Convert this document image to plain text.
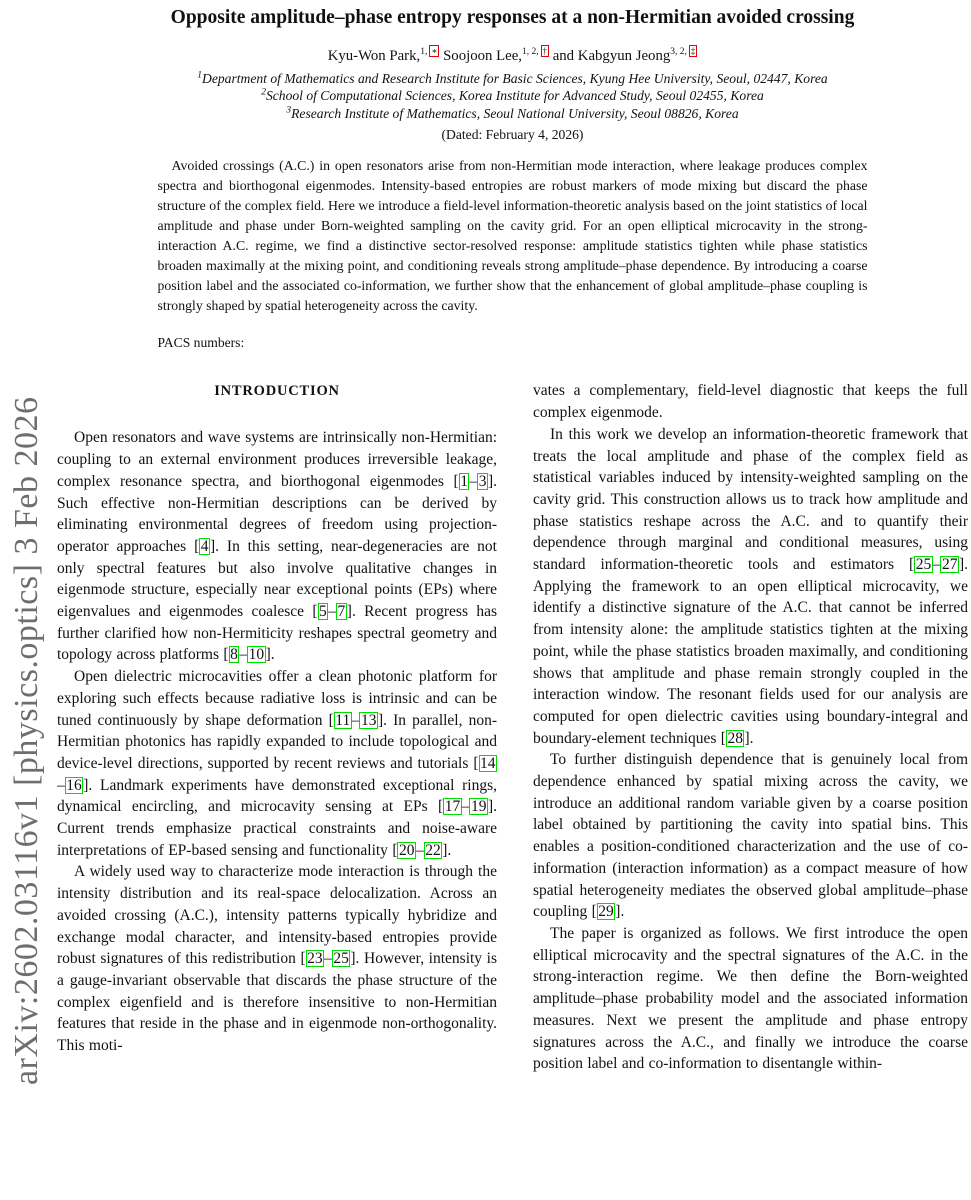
arXiv:2602.03116v1 [physics.optics] 3 Feb 2026
Opposite amplitude–phase entropy responses at a non-Hermitian avoided crossing
Kyu-Won Park,$^{1, ∗}$ Soojoon Lee,$^{1, 2, \dagger}$ and Kabgyun Jeong$^{3, 2, \ddagger}$
$^1$Department of Mathematics and Research Institute for Basic Sciences, Kyung Hee University, Seoul, 02447, Korea
$^2$School of Computational Sciences, Korea Institute for Advanced Study, Seoul 02455, Korea
$^3$Research Institute of Mathematics, Seoul National University, Seoul 08826, Korea
(Dated: February 4, 2026)
Avoided crossings (A.C.) in open resonators arise from non-Hermitian mode interaction, where leakage produces complex spectra and biorthogonal eigenmodes. Intensity-based entropies are robust markers of mode mixing but discard the phase structure of the complex field. Here we introduce a field-level information-theoretic analysis based on the joint statistics of local amplitude and phase under Born-weighted sampling on the cavity grid. For an open elliptical microcavity in the strong-interaction A.C. regime, we find a distinctive sector-resolved response: amplitude statistics tighten while phase statistics broaden maximally at the mixing point, and conditioning reveals strong amplitude–phase dependence. By introducing a coarse position label and the associated co-information, we further show that the enhancement of global amplitude–phase coupling is strongly shaped by spatial heterogeneity across the cavity.
PACS numbers:
INTRODUCTION

Open resonators and wave systems are intrinsically non-Hermitian: coupling to an external environment produces irreversible leakage, complex resonance spectra, and biorthogonal eigenmodes [1–3]. Such effective non-Hermitian descriptions can be derived by eliminating environmental degrees of freedom using projection-operator approaches [4]. In this setting, near-degeneracies are not only spectral features but also involve qualitative changes in eigenmode structure, especially near exceptional points (EPs) where eigenvalues and eigenmodes coalesce [5–7]. Recent progress has further clarified how non-Hermiticity reshapes spectral geometry and topology across platforms [8–10].

Open dielectric microcavities offer a clean photonic platform for exploring such effects because radiative loss is intrinsic and can be tuned continuously by shape deformation [11–13]. In parallel, non-Hermitian photonics has rapidly expanded to include topological and device-level directions, supported by recent reviews and tutorials [14–16]. Landmark experiments have demonstrated exceptional rings, dynamical encircling, and microcavity sensing at EPs [17–19]. Current trends emphasize practical constraints and noise-aware interpretations of EP-based sensing and functionality [20–22].

A widely used way to characterize mode interaction is through the intensity distribution and its real-space delocalization. Across an avoided crossing (A.C.), intensity patterns typically hybridize and exchange modal character, and intensity-based entropies provide robust signatures of this redistribution [23–25]. However, intensity is a gauge-invariant observable that discards the phase structure of the complex eigenfield and is therefore insensitive to non-Hermitian features that reside in the phase and in eigenmode non-orthogonality. This moti-

vates a complementary, field-level diagnostic that keeps the full complex eigenmode.

In this work we develop an information-theoretic framework that treats the local amplitude and phase of the complex field as statistical variables induced by intensity-weighted sampling on the cavity grid. This construction allows us to track how amplitude and phase statistics reshape across the A.C. and to quantify their dependence through marginal and conditional measures, using standard information-theoretic tools and estimators [25–27]. Applying the framework to an open elliptical microcavity, we identify a distinctive signature of the A.C. that cannot be inferred from intensity alone: the amplitude statistics tighten at the mixing point, while the phase statistics broaden maximally, and conditioning shows that amplitude and phase remain strongly coupled in the interaction window. The resonant fields used for our analysis are computed for open dielectric cavities using boundary-integral and boundary-element techniques [28].

To further distinguish dependence that is genuinely local from dependence enhanced by spatial mixing across the cavity, we introduce an additional random variable given by a coarse position label obtained by partitioning the cavity into spatial bins. This enables a position-conditioned characterization and the use of co-information (interaction information) as a compact measure of how spatial heterogeneity mediates the observed global amplitude–phase coupling [29].

The paper is organized as follows. We first introduce the open elliptical microcavity and the spectral signatures of the A.C. in the strong-interaction regime. We then define the Born-weighted amplitude–phase probability model and the associated information measures. Next we present the amplitude and phase entropy signatures across the A.C., and finally we introduce the coarse position label and co-information to disentangle within-
